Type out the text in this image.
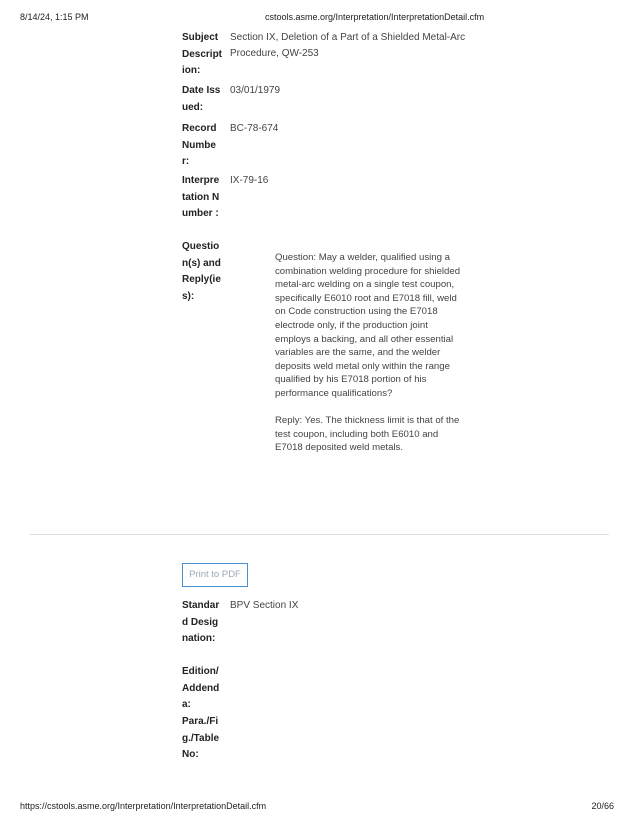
8/14/24, 1:15 PM	cstools.asme.org/Interpretation/InterpretationDetail.cfm
Subject Description:
Section IX, Deletion of a Part of a Shielded Metal-Arc Procedure, QW-253
Date Issued:
03/01/1979
Record Number:
BC-78-674
Interpretation Number :
IX-79-16
Question(s) and Reply(ies):

Question: May a welder, qualified using a combination welding procedure for shielded metal-arc welding on a single test coupon, specifically E6010 root and E7018 fill, weld on Code construction using the E7018 electrode only, if the production joint employs a backing, and all other essential variables are the same, and the welder deposits weld metal only within the range qualified by his E7018 portion of his performance qualifications?

Reply: Yes. The thickness limit is that of the test coupon, including both E6010 and E7018 deposited weld metals.

Print to PDF
Standard Designation:
BPV Section IX
Edition/Addenda:
Para./Fig./Table No:
https://cstools.asme.org/Interpretation/InterpretationDetail.cfm	20/66
